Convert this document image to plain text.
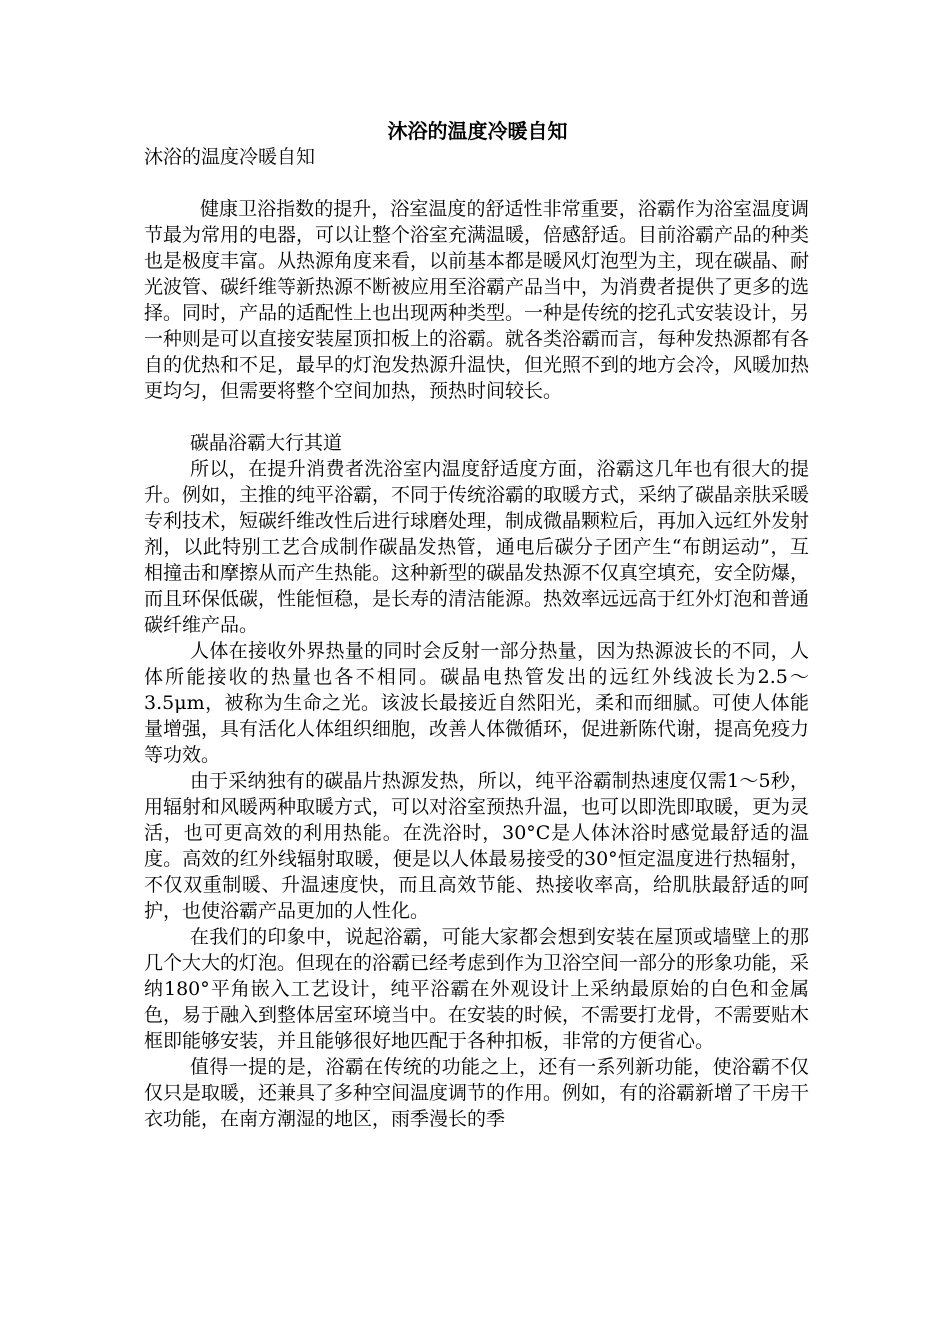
沐浴的温度冷暖自知

沐浴的温度冷暖自知

健康卫浴指数的提升，浴室温度的舒适性非常重要，浴霸作为浴室温度调节最为常用的电器，可以让整个浴室充满温暖，倍感舒适。目前浴霸产品的种类也是极度丰富。从热源角度来看，以前基本都是暖风灯泡型为主，现在碳晶、耐光波管、碳纤维等新热源不断被应用至浴霸产品当中，为消费者提供了更多的选择。同时，产品的适配性上也出现两种类型。一种是传统的挖孔式安装设计，另一种则是可以直接安装屋顶扣板上的浴霸。就各类浴霸而言，每种发热源都有各自的优热和不足，最早的灯泡发热源升温快，但光照不到的地方会冷，风暖加热更均匀，但需要将整个空间加热，预热时间较长。

碳晶浴霸大行其道

所以，在提升消费者洗浴室内温度舒适度方面，浴霸这几年也有很大的提升。例如，主推的纯平浴霸，不同于传统浴霸的取暖方式，采纳了碳晶亲肤采暖专利技术，短碳纤维改性后进行球磨处理，制成微晶颗粒后，再加入远红外发射剂，以此特别工艺合成制作碳晶发热管，通电后碳分子团产生“布朗运动”，互相撞击和摩擦从而产生热能。这种新型的碳晶发热源不仅真空填充，安全防爆，而且环保低碳，性能恒稳，是长寿的清洁能源。热效率远远高于红外灯泡和普通碳纤维产品。

人体在接收外界热量的同时会反射一部分热量，因为热源波长的不同，人体所能接收的热量也各不相同。碳晶电热管发出的远红外线波长为2.5～3.5μm，被称为生命之光。该波长最接近自然阳光，柔和而细腻。可使人体能量增强，具有活化人体组织细胞，改善人体微循环，促进新陈代谢，提高免疫力等功效。

由于采纳独有的碳晶片热源发热，所以，纯平浴霸制热速度仅需1～5秒，用辐射和风暖两种取暖方式，可以对浴室预热升温，也可以即洗即取暖，更为灵活，也可更高效的利用热能。在洗浴时，30°C是人体沐浴时感觉最舒适的温度。高效的红外线辐射取暖，便是以人体最易接受的30°恒定温度进行热辐射，不仅双重制暖、升温速度快，而且高效节能、热接收率高，给肌肤最舒适的呵护，也使浴霸产品更加的人性化。

在我们的印象中，说起浴霸，可能大家都会想到安装在屋顶或墙壁上的那几个大大的灯泡。但现在的浴霸已经考虑到作为卫浴空间一部分的形象功能，采纳180°平角嵌入工艺设计，纯平浴霸在外观设计上采纳最原始的白色和金属色，易于融入到整体居室环境当中。在安装的时候，不需要打龙骨，不需要贴木框即能够安装，并且能够很好地匹配于各种扣板，非常的方便省心。

值得一提的是，浴霸在传统的功能之上，还有一系列新功能，使浴霸不仅仅只是取暖，还兼具了多种空间温度调节的作用。例如，有的浴霸新增了干房干衣功能，在南方潮湿的地区，雨季漫长的季
